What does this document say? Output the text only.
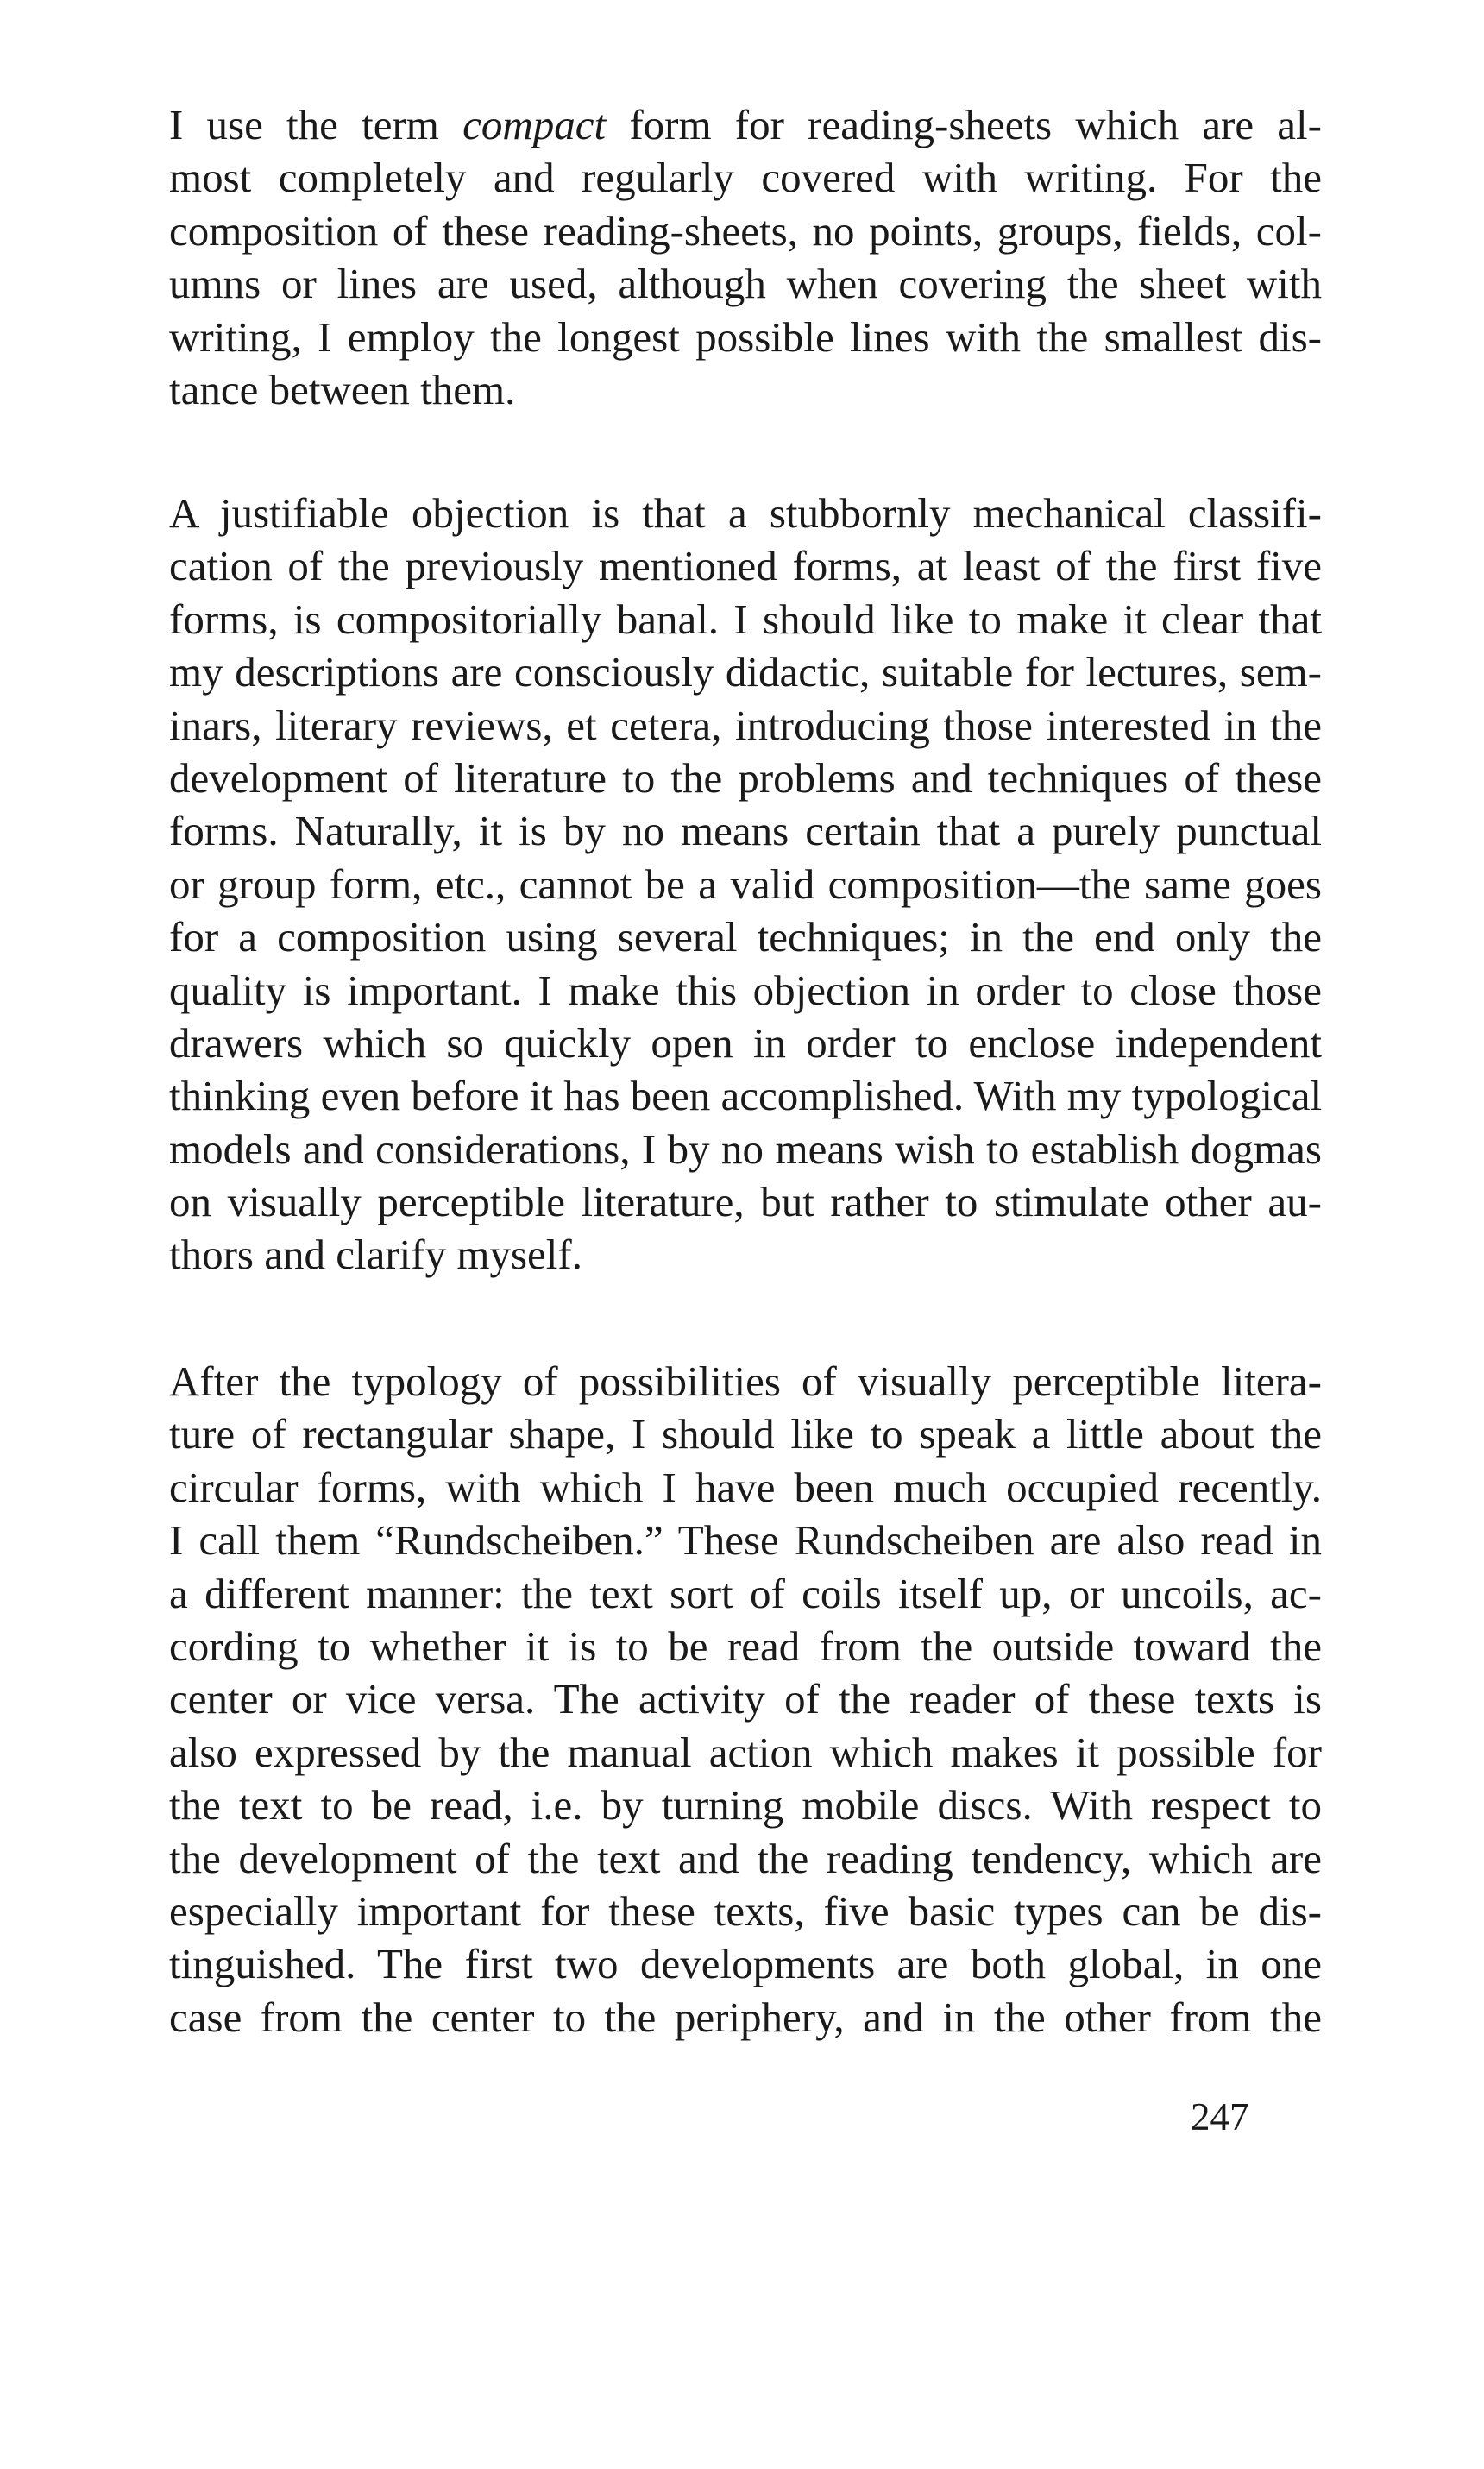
I use the term compact form for reading-sheets which are al-
most completely and regularly covered with writing. For the
composition of these reading-sheets, no points, groups, fields, col-
umns or lines are used, although when covering the sheet with
writing, I employ the longest possible lines with the smallest dis-
tance between them.
A justifiable objection is that a stubbornly mechanical classifi-
cation of the previously mentioned forms, at least of the first five
forms, is compositorially banal. I should like to make it clear that
my descriptions are consciously didactic, suitable for lectures, sem-
inars, literary reviews, et cetera, introducing those interested in the
development of literature to the problems and techniques of these
forms. Naturally, it is by no means certain that a purely punctual
or group form, etc., cannot be a valid composition—the same goes
for a composition using several techniques; in the end only the
quality is important. I make this objection in order to close those
drawers which so quickly open in order to enclose independent
thinking even before it has been accomplished. With my typological
models and considerations, I by no means wish to establish dogmas
on visually perceptible literature, but rather to stimulate other au-
thors and clarify myself.
After the typology of possibilities of visually perceptible litera-
ture of rectangular shape, I should like to speak a little about the
circular forms, with which I have been much occupied recently.
I call them “Rundscheiben.” These Rundscheiben are also read in
a different manner: the text sort of coils itself up, or uncoils, ac-
cording to whether it is to be read from the outside toward the
center or vice versa. The activity of the reader of these texts is
also expressed by the manual action which makes it possible for
the text to be read, i.e. by turning mobile discs. With respect to
the development of the text and the reading tendency, which are
especially important for these texts, five basic types can be dis-
tinguished. The first two developments are both global, in one
case from the center to the periphery, and in the other from the
247
